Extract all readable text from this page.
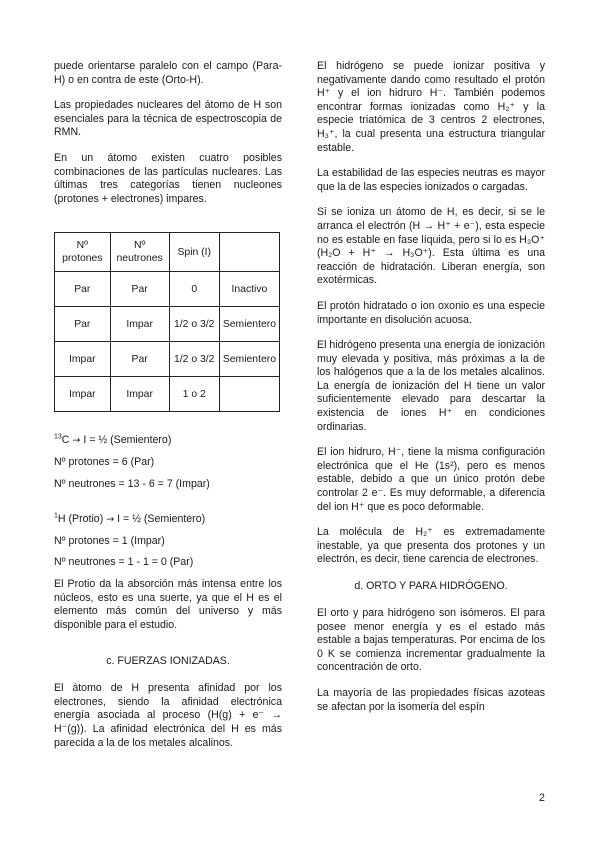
puede orientarse paralelo con el campo (Para-H) o en contra de este (Orto-H).

Las propiedades nucleares del átomo de H son esenciales para la técnica de espectroscopia de RMN.

En un átomo existen cuatro posibles combinaciones de las partículas nucleares. Las últimas tres categorías tienen nucleones (protones + electrones) impares.

Nº protones	Nº neutrones	Spin (I)	
Par	Par	0	Inactivo
Par	Impar	1/2 o 3/2	Semientero
Impar	Par	1/2 o 3/2	Semientero
Impar	Impar	1 o 2	

$^{13}$C → I = ½ (Semientero)

Nº protones = 6 (Par)

Nº neutrones = 13 - 6 = 7 (Impar)

$^1$H (Protio) → I = ½ (Semientero)

Nº protones = 1 (Impar)

Nº neutrones = 1 - 1 = 0 (Par)

El Protio da la absorción más intensa entre los núcleos, esto es una suerte, ya que el H es el elemento más común del universo y más disponible para el estudio.

c. FUERZAS IONIZADAS.

El átomo de H presenta afinidad por los electrones, siendo la afinidad electrónica energía asociada al proceso (H(g) + e⁻ → H⁻(g)). La afinidad electrónica del H es más parecida a la de los metales alcalinos.

El hidrógeno se puede ionizar positiva y negativamente dando como resultado el protón H⁺ y el ion hidruro H⁻. También podemos encontrar formas ionizadas como H₂⁺ y la especie triatómica de 3 centros 2 electrones, H₃⁺, la cual presenta una estructura triangular estable.

La estabilidad de las especies neutras es mayor que la de las especies ionizados o cargadas.

Si se ioniza un átomo de H, es decir, si se le arranca el electrón (H → H⁺ + e⁻), esta especie no es estable en fase líquida, pero si lo es H₃O⁺ (H₂O + H⁺ → H₃O⁺). Esta última es una reacción de hidratación. Liberan energía, son exotérmicas.

El protón hidratado o ion oxonio es una especie importante en disolución acuosa.

El hidrógeno presenta una energía de ionización muy elevada y positiva, más próximas a la de los halógenos que a la de los metales alcalinos. La energía de ionización del H tiene un valor suficientemente elevado para descartar la existencia de iones H⁺ en condiciones ordinarias.

El ion hidruro, H⁻, tiene la misma configuración electrónica que el He (1s²), pero es menos estable, debido a que un único protón debe controlar 2 e⁻. Es muy deformable, a diferencia del ion H⁺ que es poco deformable.

La molécula de H₂⁺ es extremadamente inestable, ya que presenta dos protones y un electrón, es decir, tiene carencia de electrones.

d. ORTO Y PARA HIDRÓGENO.

El orto y para hidrógeno son isómeros. El para posee menor energía y es el estado más estable a bajas temperaturas. Por encima de los 0 K se comienza incrementar gradualmente la concentración de orto.

La mayoría de las propiedades físicas azoteas se afectan por la isomería del espín

2
